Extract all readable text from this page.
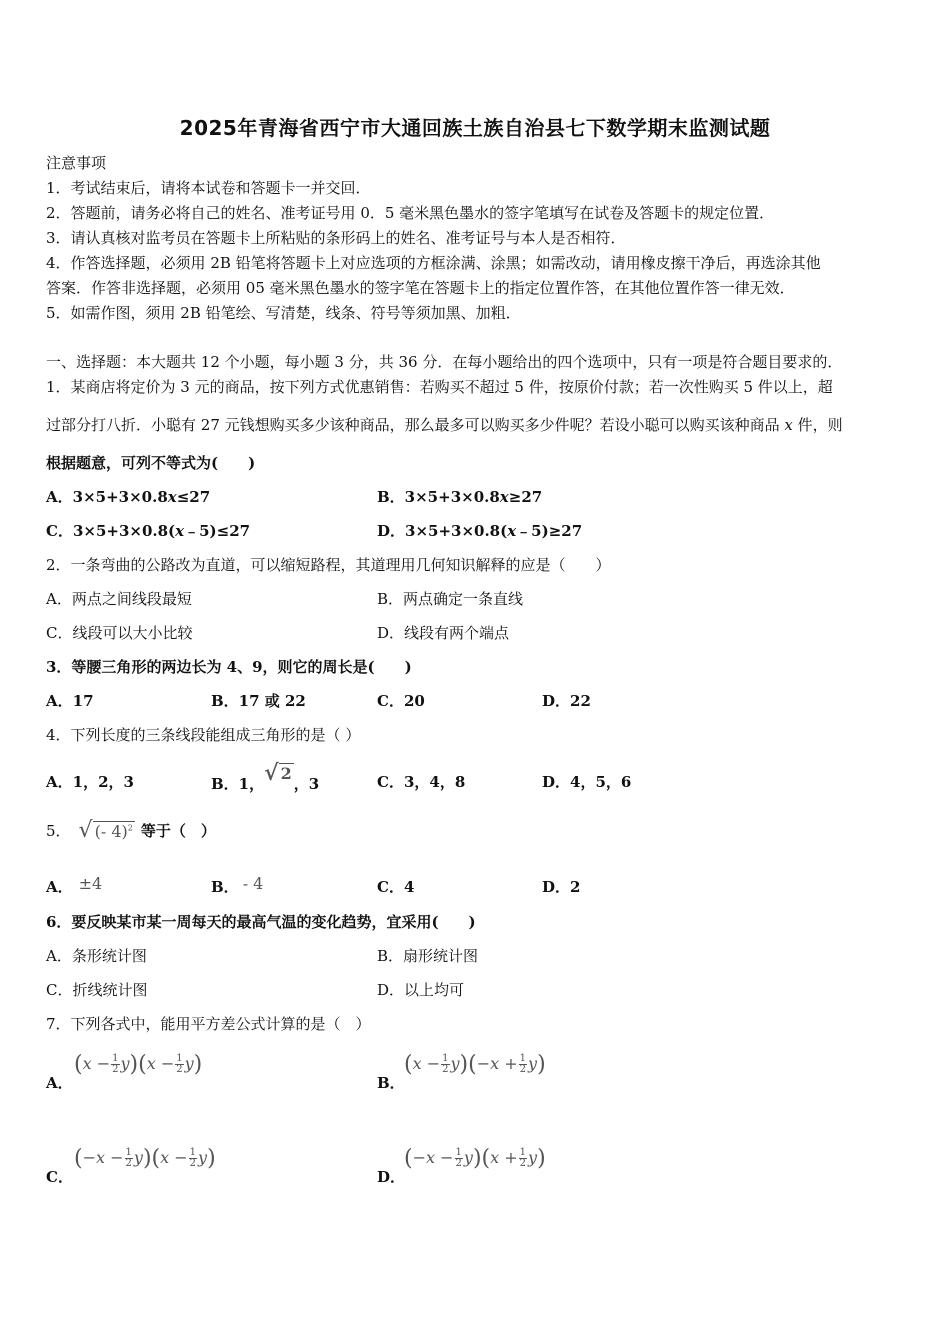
2025年青海省西宁市大通回族土族自治县七下数学期末监测试题
注意事项
1．考试结束后，请将本试卷和答题卡一并交回．
2．答题前，请务必将自己的姓名、准考证号用 0．5 毫米黑色墨水的签字笔填写在试卷及答题卡的规定位置．
3．请认真核对监考员在答题卡上所粘贴的条形码上的姓名、准考证号与本人是否相符．
4．作答选择题，必须用 2B 铅笔将答题卡上对应选项的方框涂满、涂黑；如需改动，请用橡皮擦干净后，再选涂其他
答案．作答非选择题，必须用 05 毫米黑色墨水的签字笔在答题卡上的指定位置作答，在其他位置作答一律无效．
5．如需作图，须用 2B 铅笔绘、写清楚，线条、符号等须加黑、加粗．
一、选择题：本大题共 12 个小题，每小题 3 分，共 36 分．在每小题给出的四个选项中，只有一项是符合题目要求的．
1．某商店将定价为 3 元的商品，按下列方式优惠销售：若购买不超过 5 件，按原价付款；若一次性购买 5 件以上，超
过部分打八折．小聪有 27 元钱想购买多少该种商品，那么最多可以购买多少件呢？若设小聪可以购买该种商品 x 件，则
根据题意，可列不等式为(　　)
A．3×5+3×0.8x≤27	B．3×5+3×0.8x≥27
C．3×5+3×0.8(x﹣5)≤27	D．3×5+3×0.8(x﹣5)≥27
2．一条弯曲的公路改为直道，可以缩短路程，其道理用几何知识解释的应是（　　）
A．两点之间线段最短	B．两点确定一条直线
C．线段可以大小比较	D．线段有两个端点
3．等腰三角形的两边长为 4、9，则它的周长是(　　)
A．17	B．17 或 22	C．20	D．22
4．下列长度的三条线段能组成三角形的是（ ）
A．1，2，3	B．1，√ 2，3	C．3，4，8	D．4，5，6
5． √ (- 4)$^2$ 等于（　）
A． ±4	B． - 4	C．4	D．2
6．要反映某市某一周每天的最高气温的变化趋势，宜采用(　　)
A．条形统计图	B．扇形统计图
C．折线统计图	D．以上均可
7．下列各式中，能用平方差公式计算的是（　）
A．
$(x - \frac{1}{2} y)(x - \frac{1}{2} y)$
B．
$(x - \frac{1}{2} y)(-x + \frac{1}{2} y)$
C．
$(-x - \frac{1}{2} y)(x - \frac{1}{2} y)$
D．
$(-x - \frac{1}{2} y)(x + \frac{1}{2} y)$
